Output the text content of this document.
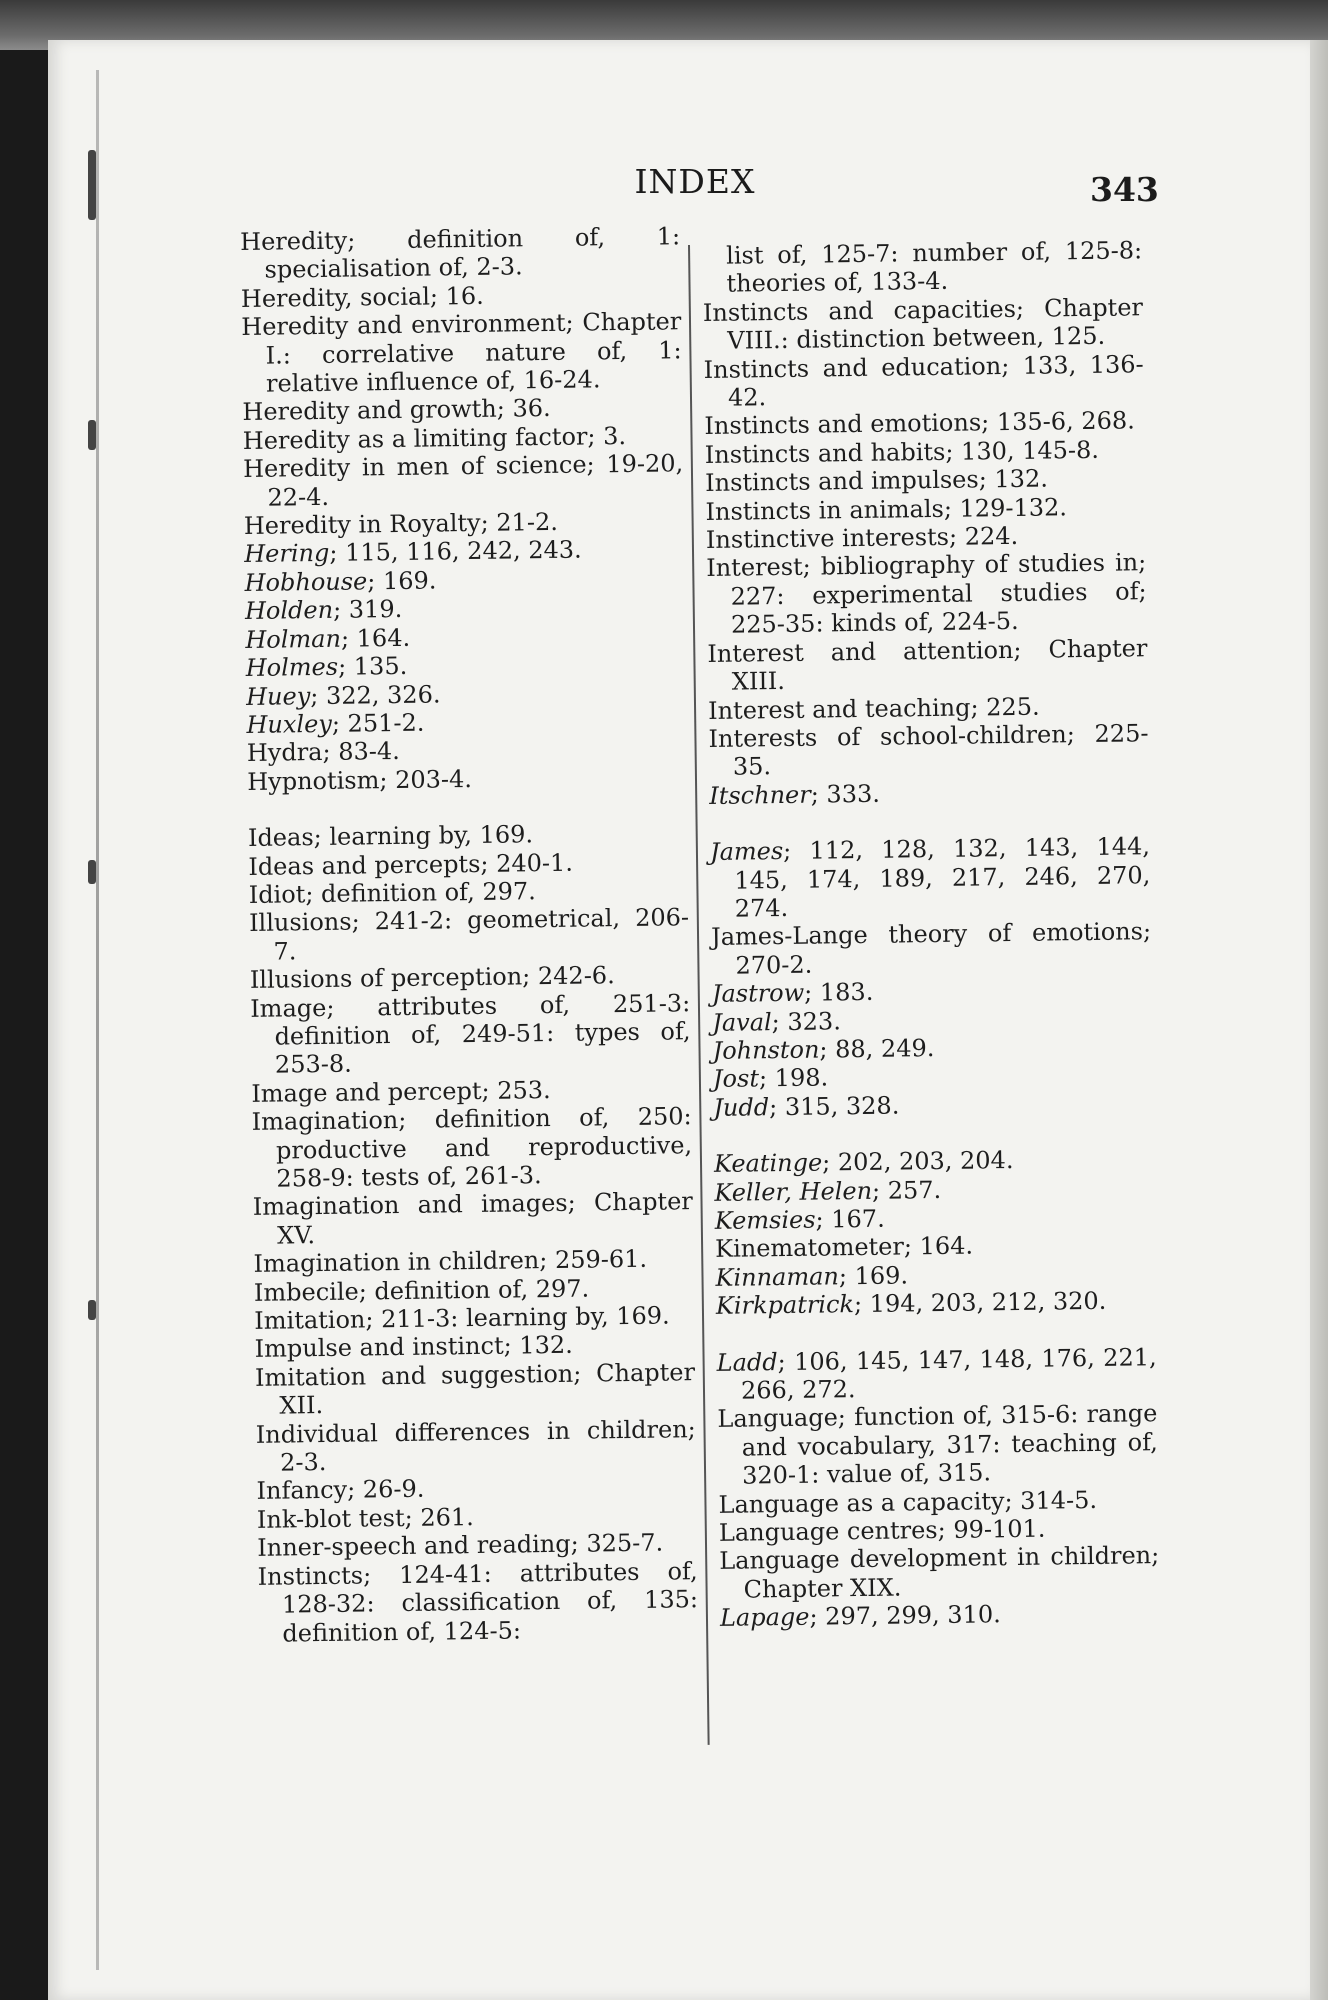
INDEX	343
Heredity; definition of, 1: specialisation of, 2-3.
Heredity, social; 16.
Heredity and environment; Chapter I.: correlative nature of, 1: relative influence of, 16-24.
Heredity and growth; 36.
Heredity as a limiting factor; 3.
Heredity in men of science; 19-20, 22-4.
Heredity in Royalty; 21-2.
Hering; 115, 116, 242, 243.
Hobhouse; 169.
Holden; 319.
Holman; 164.
Holmes; 135.
Huey; 322, 326.
Huxley; 251-2.
Hydra; 83-4.
Hypnotism; 203-4.
Ideas; learning by, 169.
Ideas and percepts; 240-1.
Idiot; definition of, 297.
Illusions; 241-2: geometrical, 206-7.
Illusions of perception; 242-6.
Image; attributes of, 251-3: definition of, 249-51: types of, 253-8.
Image and percept; 253.
Imagination; definition of, 250: productive and reproductive, 258-9: tests of, 261-3.
Imagination and images; Chapter XV.
Imagination in children; 259-61.
Imbecile; definition of, 297.
Imitation; 211-3: learning by, 169.
Impulse and instinct; 132.
Imitation and suggestion; Chapter XII.
Individual differences in children; 2-3.
Infancy; 26-9.
Ink-blot test; 261.
Inner-speech and reading; 325-7.
Instincts; 124-41: attributes of, 128-32: classification of, 135: definition of, 124-5:
list of, 125-7: number of, 125-8: theories of, 133-4.
Instincts and capacities; Chapter VIII.: distinction between, 125.
Instincts and education; 133, 136-42.
Instincts and emotions; 135-6, 268.
Instincts and habits; 130, 145-8.
Instincts and impulses; 132.
Instincts in animals; 129-132.
Instinctive interests; 224.
Interest; bibliography of studies in; 227: experimental studies of; 225-35: kinds of, 224-5.
Interest and attention; Chapter XIII.
Interest and teaching; 225.
Interests of school-children; 225-35.
Itschner; 333.
James; 112, 128, 132, 143, 144, 145, 174, 189, 217, 246, 270, 274.
James-Lange theory of emotions; 270-2.
Jastrow; 183.
Javal; 323.
Johnston; 88, 249.
Jost; 198.
Judd; 315, 328.
Keatinge; 202, 203, 204.
Keller, Helen; 257.
Kemsies; 167.
Kinematometer; 164.
Kinnaman; 169.
Kirkpatrick; 194, 203, 212, 320.
Ladd; 106, 145, 147, 148, 176, 221, 266, 272.
Language; function of, 315-6: range and vocabulary, 317: teaching of, 320-1: value of, 315.
Language as a capacity; 314-5.
Language centres; 99-101.
Language development in children; Chapter XIX.
Lapage; 297, 299, 310.
